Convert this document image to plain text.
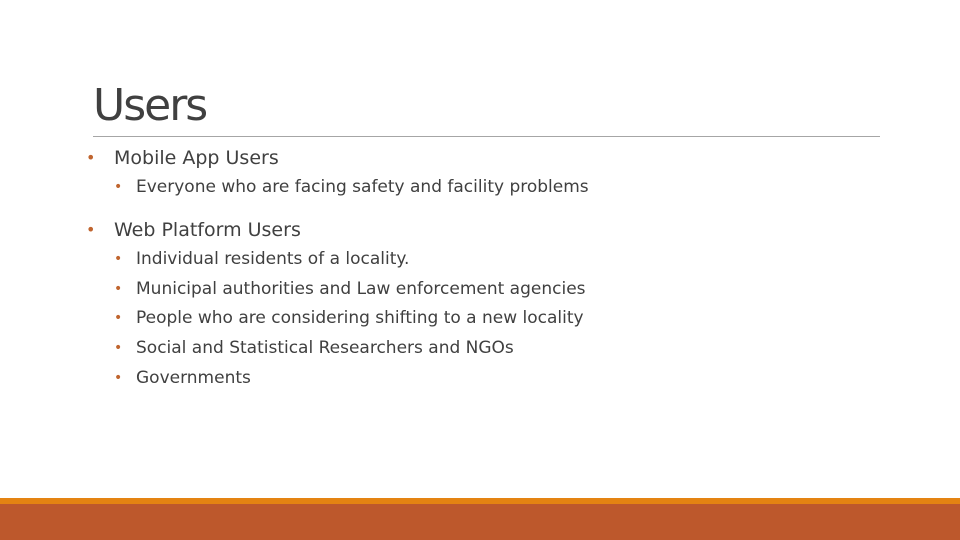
Users
• Mobile App Users
• Everyone who are facing safety and facility problems
• Web Platform Users
• Individual residents of a locality.
• Municipal authorities and Law enforcement agencies
• People who are considering shifting to a new locality
• Social and Statistical Researchers and NGOs
• Governments
